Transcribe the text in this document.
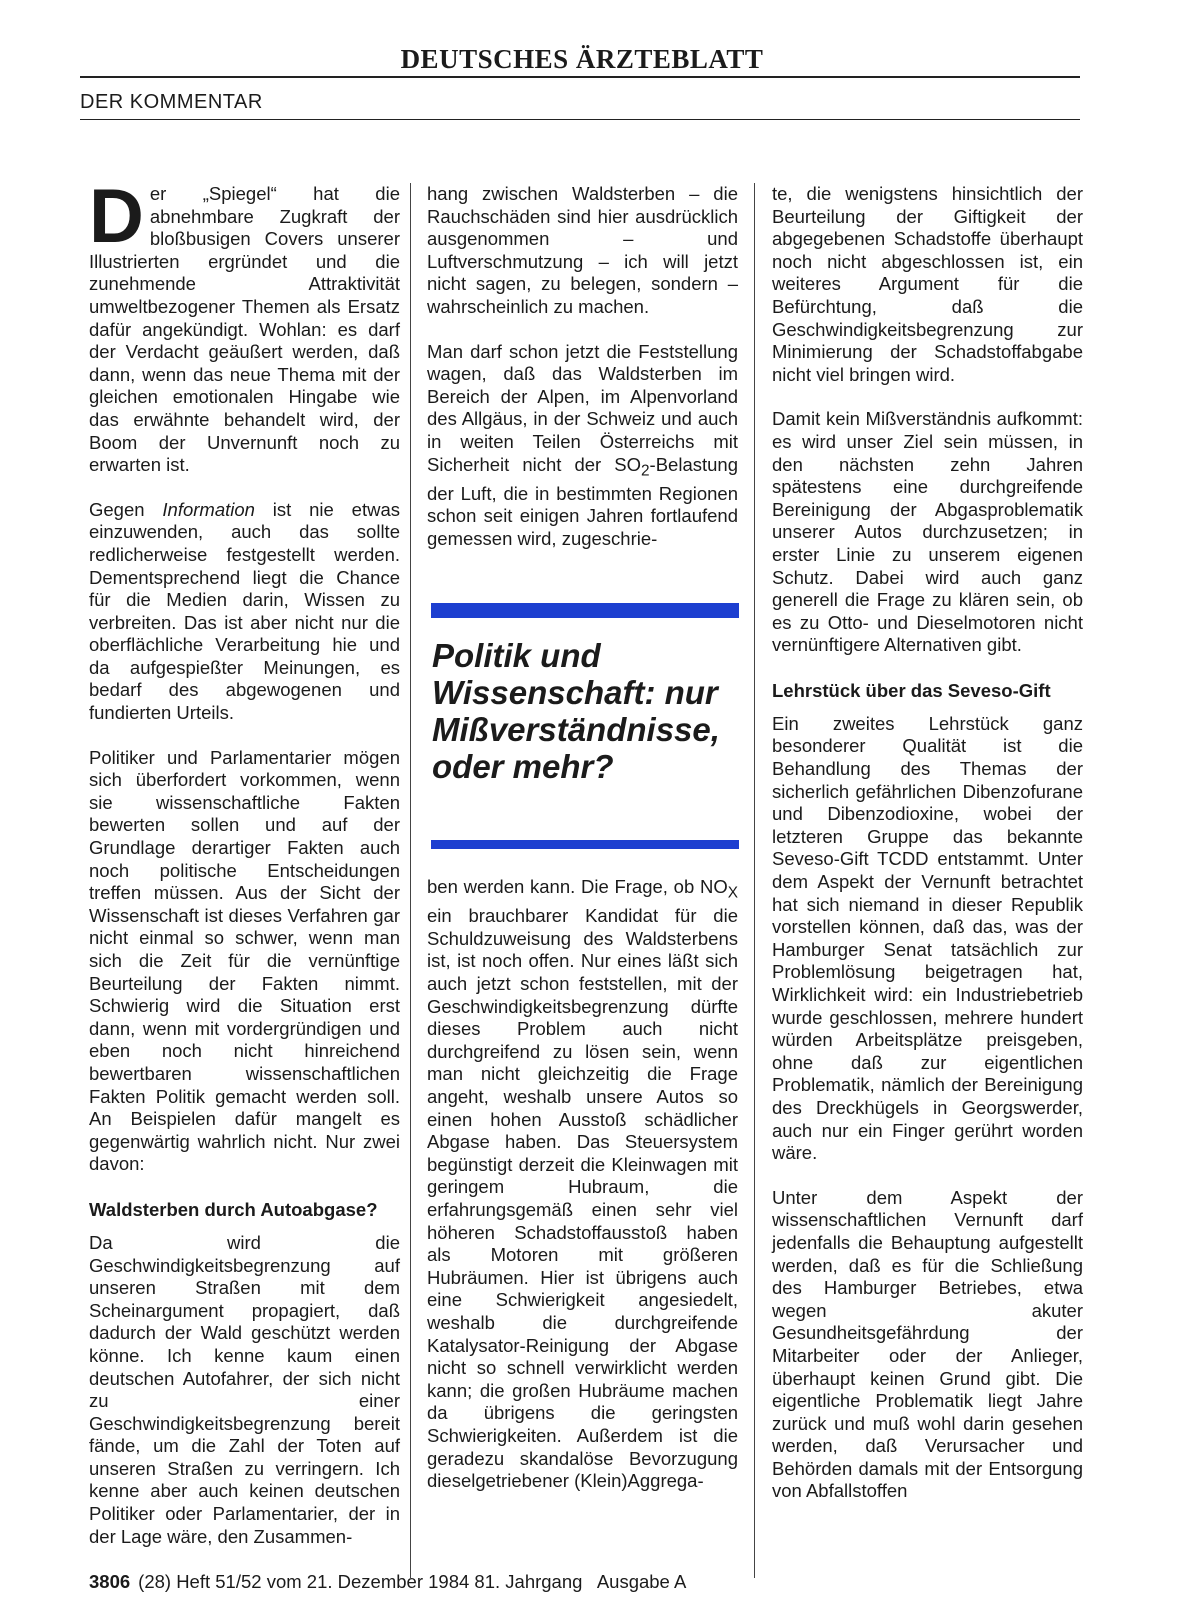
DEUTSCHES ÄRZTEBLATT
DER KOMMENTAR

Der „Spiegel“ hat die abnehmbare Zugkraft der bloßbusigen Covers unserer Illustrierten ergründet und die zunehmende Attraktivität umweltbezogener Themen als Ersatz dafür angekündigt. Wohlan: es darf der Verdacht geäußert werden, daß dann, wenn das neue Thema mit der gleichen emotionalen Hingabe wie das erwähnte behandelt wird, der Boom der Unvernunft noch zu erwarten ist.

Gegen Information ist nie etwas einzuwenden, auch das sollte redlicherweise festgestellt werden. Dementsprechend liegt die Chance für die Medien darin, Wissen zu verbreiten. Das ist aber nicht nur die oberflächliche Verarbeitung hie und da aufgespießter Meinungen, es bedarf des abgewogenen und fundierten Urteils.

Politiker und Parlamentarier mögen sich überfordert vorkommen, wenn sie wissenschaftliche Fakten bewerten sollen und auf der Grundlage derartiger Fakten auch noch politische Entscheidungen treffen müssen. Aus der Sicht der Wissenschaft ist dieses Verfahren gar nicht einmal so schwer, wenn man sich die Zeit für die vernünftige Beurteilung der Fakten nimmt. Schwierig wird die Situation erst dann, wenn mit vordergründigen und eben noch nicht hinreichend bewertbaren wissenschaftlichen Fakten Politik gemacht werden soll. An Beispielen dafür mangelt es gegenwärtig wahrlich nicht. Nur zwei davon:

Waldsterben durch Autoabgase?

Da wird die Geschwindigkeitsbegrenzung auf unseren Straßen mit dem Scheinargument propagiert, daß dadurch der Wald geschützt werden könne. Ich kenne kaum einen deutschen Autofahrer, der sich nicht zu einer Geschwindigkeitsbegrenzung bereit fände, um die Zahl der Toten auf unseren Straßen zu verringern. Ich kenne aber auch keinen deutschen Politiker oder Parlamentarier, der in der Lage wäre, den Zusammen-

hang zwischen Waldsterben – die Rauchschäden sind hier ausdrücklich ausgenommen – und Luftverschmutzung – ich will jetzt nicht sagen, zu belegen, sondern – wahrscheinlich zu machen.

Man darf schon jetzt die Feststellung wagen, daß das Waldsterben im Bereich der Alpen, im Alpenvorland des Allgäus, in der Schweiz und auch in weiten Teilen Österreichs mit Sicherheit nicht der $SO_2$-Belastung der Luft, die in bestimmten Regionen schon seit einigen Jahren fortlaufend gemessen wird, zugeschrie-

Politik und Wissenschaft: nur Mißverständnisse, oder mehr?

ben werden kann. Die Frage, ob $NO_X$ ein brauchbarer Kandidat für die Schuldzuweisung des Waldsterbens ist, ist noch offen. Nur eines läßt sich auch jetzt schon feststellen, mit der Geschwindigkeitsbegrenzung dürfte dieses Problem auch nicht durchgreifend zu lösen sein, wenn man nicht gleichzeitig die Frage angeht, weshalb unsere Autos so einen hohen Ausstoß schädlicher Abgase haben. Das Steuersystem begünstigt derzeit die Kleinwagen mit geringem Hubraum, die erfahrungsgemäß einen sehr viel höheren Schadstoffausstoß haben als Motoren mit größeren Hubräumen. Hier ist übrigens auch eine Schwierigkeit angesiedelt, weshalb die durchgreifende Katalysator-Reinigung der Abgase nicht so schnell verwirklicht werden kann; die großen Hubräume machen da übrigens die geringsten Schwierigkeiten. Außerdem ist die geradezu skandalöse Bevorzugung dieselgetriebener (Klein)Aggrega-

te, die wenigstens hinsichtlich der Beurteilung der Giftigkeit der abgegebenen Schadstoffe überhaupt noch nicht abgeschlossen ist, ein weiteres Argument für die Befürchtung, daß die Geschwindigkeitsbegrenzung zur Minimierung der Schadstoffabgabe nicht viel bringen wird.

Damit kein Mißverständnis aufkommt: es wird unser Ziel sein müssen, in den nächsten zehn Jahren spätestens eine durchgreifende Bereinigung der Abgasproblematik unserer Autos durchzusetzen; in erster Linie zu unserem eigenen Schutz. Dabei wird auch ganz generell die Frage zu klären sein, ob es zu Otto- und Dieselmotoren nicht vernünftigere Alternativen gibt.

Lehrstück über das Seveso-Gift

Ein zweites Lehrstück ganz besonderer Qualität ist die Behandlung des Themas der sicherlich gefährlichen Dibenzofurane und Dibenzodioxine, wobei der letzteren Gruppe das bekannte Seveso-Gift TCDD entstammt. Unter dem Aspekt der Vernunft betrachtet hat sich niemand in dieser Republik vorstellen können, daß das, was der Hamburger Senat tatsächlich zur Problemlösung beigetragen hat, Wirklichkeit wird: ein Industriebetrieb wurde geschlossen, mehrere hundert würden Arbeitsplätze preisgeben, ohne daß zur eigentlichen Problematik, nämlich der Bereinigung des Dreckhügels in Georgswerder, auch nur ein Finger gerührt worden wäre.

Unter dem Aspekt der wissenschaftlichen Vernunft darf jedenfalls die Behauptung aufgestellt werden, daß es für die Schließung des Hamburger Betriebes, etwa wegen akuter Gesundheitsgefährdung der Mitarbeiter oder der Anlieger, überhaupt keinen Grund gibt. Die eigentliche Problematik liegt Jahre zurück und muß wohl darin gesehen werden, daß Verursacher und Behörden damals mit der Entsorgung von Abfallstoffen

3806 (28) Heft 51/52 vom 21. Dezember 1984 81. Jahrgang   Ausgabe A
